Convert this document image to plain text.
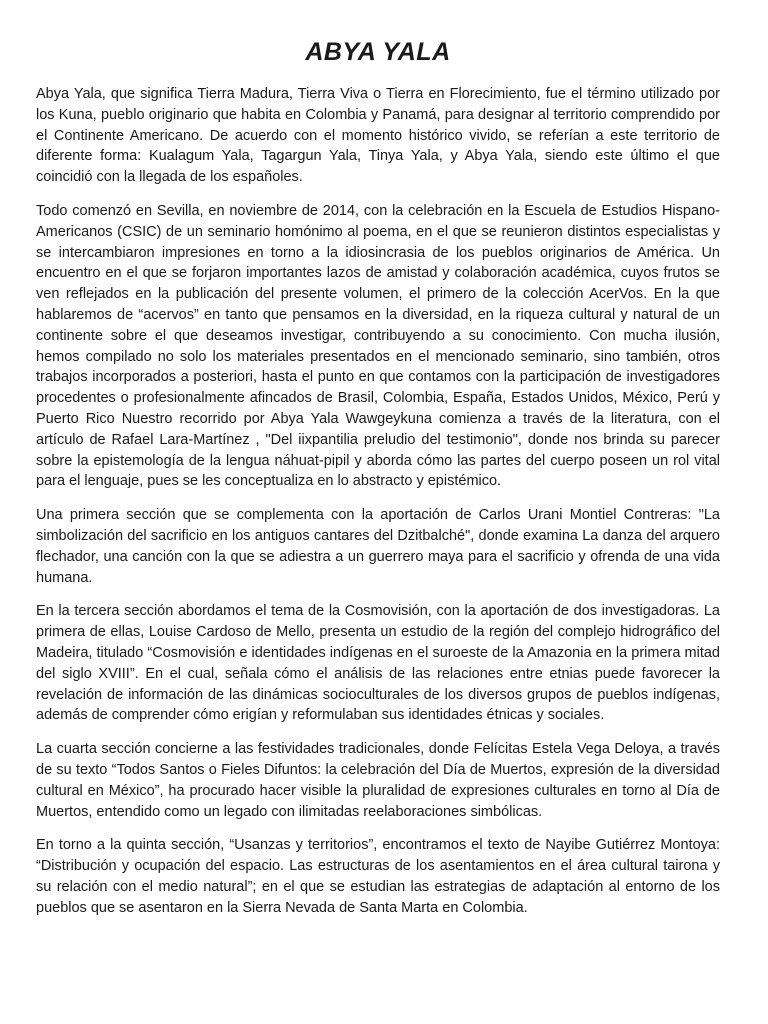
ABYA YALA

Abya Yala, que significa Tierra Madura, Tierra Viva o Tierra en Florecimiento, fue el término utilizado por los Kuna, pueblo originario que habita en Colombia y Panamá, para designar al territorio comprendido por el Continente Americano. De acuerdo con el momento histórico vivido, se referían a este territorio de diferente forma: Kualagum Yala, Tagargun Yala, Tinya Yala, y Abya Yala, siendo este último el que coincidió con la llegada de los españoles.

Todo comenzó en Sevilla, en noviembre de 2014, con la celebración en la Escuela de Estudios Hispano-Americanos (CSIC) de un seminario homónimo al poema, en el que se reunieron distintos especialistas y se intercambiaron impresiones en torno a la idiosincrasia de los pueblos originarios de América. Un encuentro en el que se forjaron importantes lazos de amistad y colaboración académica, cuyos frutos se ven reflejados en la publicación del presente volumen, el primero de la colección AcerVos. En la que hablaremos de “acervos” en tanto que pensamos en la diversidad, en la riqueza cultural y natural de un continente sobre el que deseamos investigar, contribuyendo a su conocimiento. Con mucha ilusión, hemos compilado no solo los materiales presentados en el mencionado seminario, sino también, otros trabajos incorporados a posteriori, hasta el punto en que contamos con la participación de investigadores procedentes o profesionalmente afincados de Brasil, Colombia, España, Estados Unidos, México, Perú y Puerto Rico Nuestro recorrido por Abya Yala Wawgeykuna comienza a través de la literatura, con el artículo de Rafael Lara-Martínez , "Del iixpantilia preludio del testimonio", donde nos brinda su parecer sobre la epistemología de la lengua náhuat-pipil y aborda cómo las partes del cuerpo poseen un rol vital para el lenguaje, pues se les conceptualiza en lo abstracto y epistémico.

Una primera sección que se complementa con la aportación de Carlos Urani Montiel Contreras: "La simbolización del sacrificio en los antiguos cantares del Dzitbalché", donde examina La danza del arquero flechador, una canción con la que se adiestra a un guerrero maya para el sacrificio y ofrenda de una vida humana.

En la tercera sección abordamos el tema de la Cosmovisión, con la aportación de dos investigadoras. La primera de ellas, Louise Cardoso de Mello, presenta un estudio de la región del complejo hidrográfico del Madeira, titulado “Cosmovisión e identidades indígenas en el suroeste de la Amazonia en la primera mitad del siglo XVIII”. En el cual, señala cómo el análisis de las relaciones entre etnias puede favorecer la revelación de información de las dinámicas socioculturales de los diversos grupos de pueblos indígenas, además de comprender cómo erigían y reformulaban sus identidades étnicas y sociales.

La cuarta sección concierne a las festividades tradicionales, donde Felícitas Estela Vega Deloya, a través de su texto “Todos Santos o Fieles Difuntos: la celebración del Día de Muertos, expresión de la diversidad cultural en México”, ha procurado hacer visible la pluralidad de expresiones culturales en torno al Día de Muertos, entendido como un legado con ilimitadas reelaboraciones simbólicas.

En torno a la quinta sección, “Usanzas y territorios”, encontramos el texto de Nayibe Gutiérrez Montoya: “Distribución y ocupación del espacio. Las estructuras de los asentamientos en el área cultural tairona y su relación con el medio natural”; en el que se estudian las estrategias de adaptación al entorno de los pueblos que se asentaron en la Sierra Nevada de Santa Marta en Colombia.
